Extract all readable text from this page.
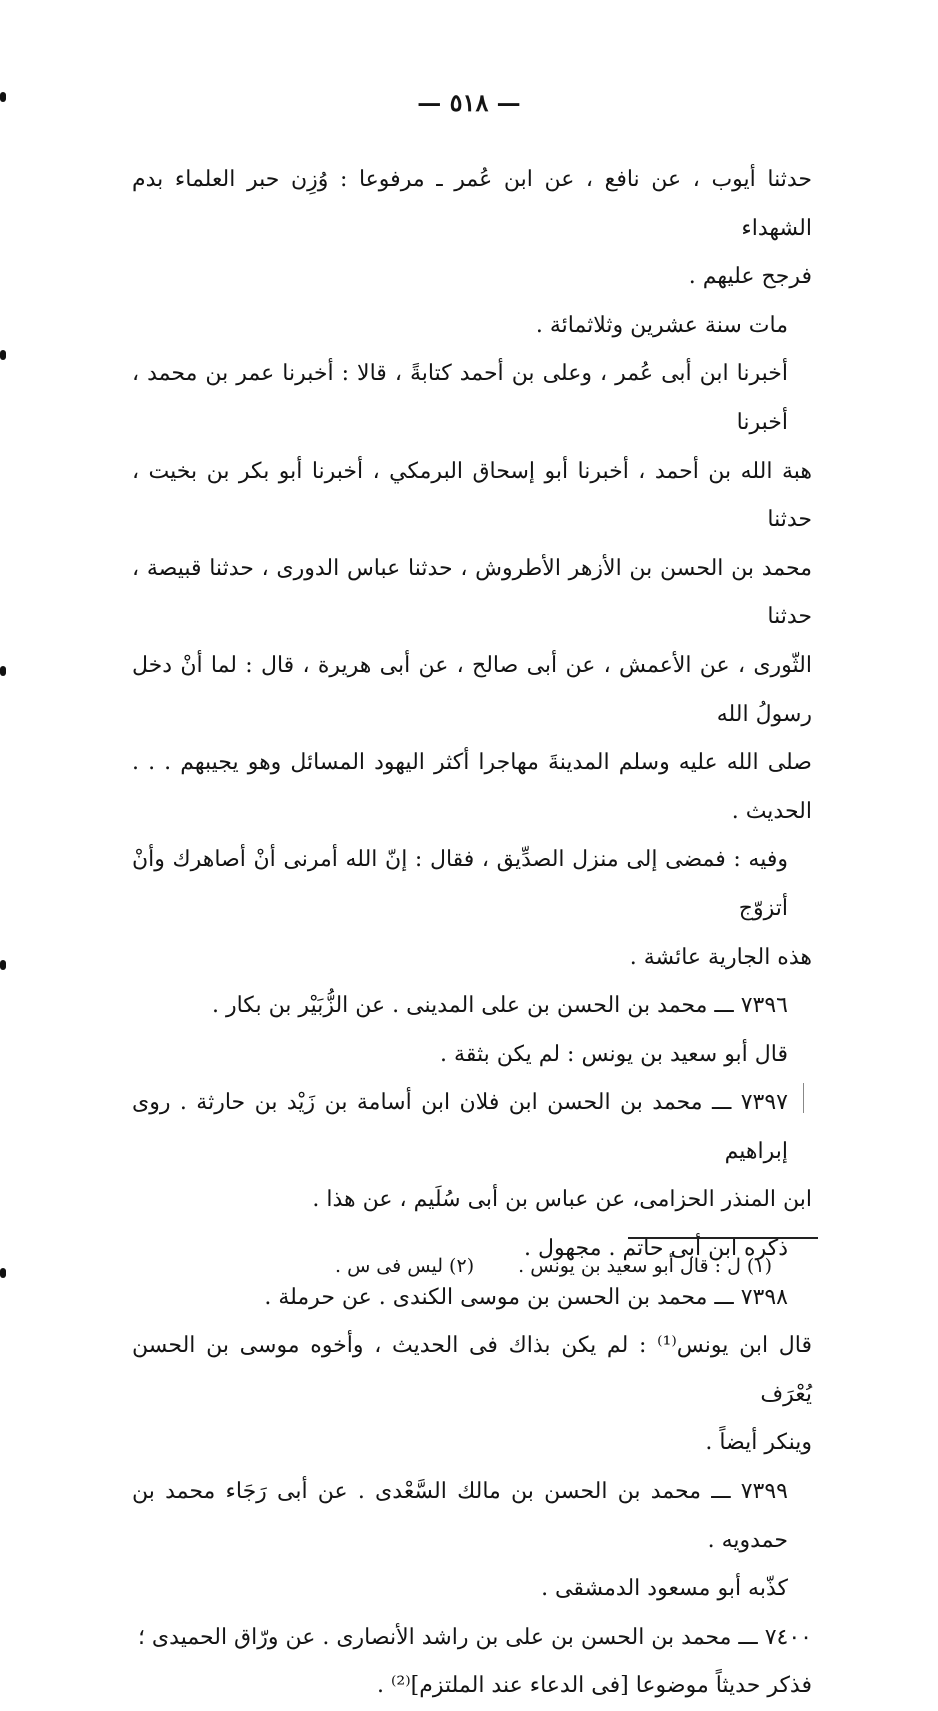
— ٥١٨ —

حدثنا أيوب ، عن نافع ، عن ابن عُمر ـ مرفوعا : وُزِن حبر العلماء بدم الشهداء

فرجح عليهم .

مات سنة عشرين وثلاثمائة .

أخبرنا ابن أبى عُمر ، وعلى بن أحمد كتابةً ، قالا : أخبرنا عمر بن محمد ، أخبرنا

هبة الله بن أحمد ، أخبرنا أبو إسحاق البرمكي ، أخبرنا أبو بكر بن بخيت ، حدثنا

محمد بن الحسن بن الأزهر الأطروش ، حدثنا عباس الدورى ، حدثنا قبيصة ، حدثنا

الثّورى ، عن الأعمش ، عن أبى صالح ، عن أبى هريرة ، قال : لما أنْ دخل رسولُ الله

صلى الله عليه وسلم المدينةَ مهاجرا أكثر اليهود المسائل وهو يجيبهم . . . الحديث .

وفيه : فمضى إلى منزل الصدِّيق ، فقال : إنّ الله أمرنى أنْ أصاهرك وأنْ أتزوّج

هذه الجارية عائشة .

٧٣٩٦ ـــ محمد بن الحسن بن على المدينى . عن الزُّبَيْر بن بكار .

قال أبو سعيد بن يونس : لم يكن بثقة .

٧٣٩٧ ـــ محمد بن الحسن ابن فلان ابن أسامة بن زَيْد بن حارثة . روى إبراهيم

ابن المنذر الحزامى، عن عباس بن أبى سُلَيم ، عن هذا .

ذكره ابن أبى حاتم . مجهول .

٧٣٩٨ ـــ محمد بن الحسن بن موسى الكندى . عن حرملة .

قال ابن يونس⁽¹⁾ : لم يكن بذاك فى الحديث ، وأخوه موسى بن الحسن يُعْرَف

وينكر أيضاً .

٧٣٩٩ ـــ محمد بن الحسن بن مالك السَّعْدى . عن أبى رَجَاء محمد بن حمدويه .

كذّبه أبو مسعود الدمشقى .

٧٤٠٠ ـــ محمد بن الحسن بن على بن راشد الأنصارى . عن ورّاق الحميدى ؛

فذكر حديثاً موضوعا [فى الدعاء عند الملتزم]⁽²⁾ .

(١) ل : قال أبو سعيد بن يونس . (٢) ليس فى س .
